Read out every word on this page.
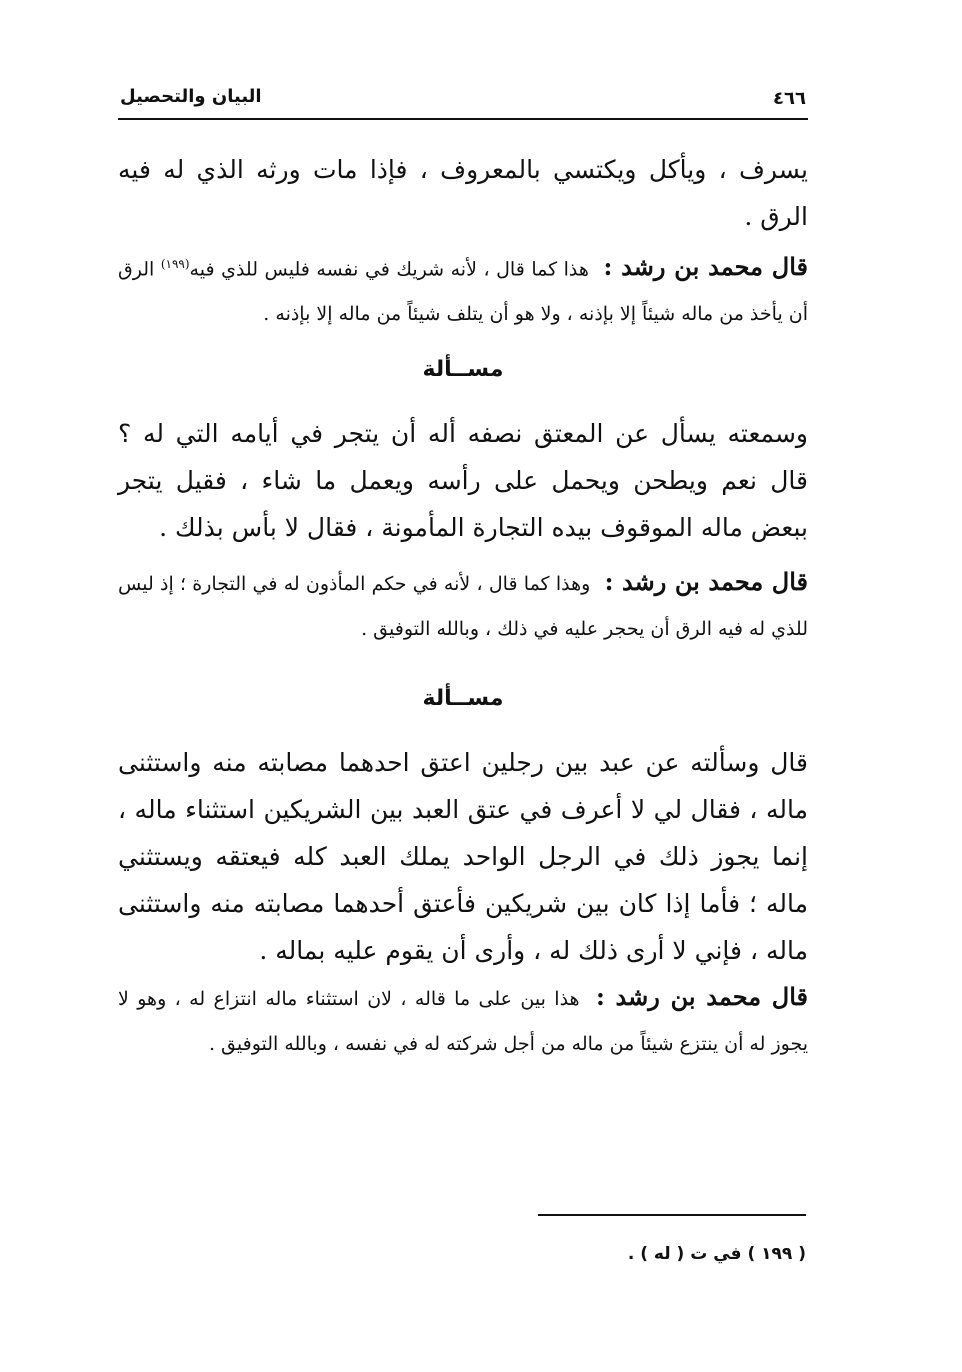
٤٦٦
البيان والتحصيل

يسرف ، ويأكل ويكتسي بالمعروف ، فإذا مات ورثه الذي له فيه الرق .

قال محمد بن رشد : هذا كما قال ، لأنه شريك في نفسه فليس للذي فيه$^{(١٩٩)}$ الرق أن يأخذ من ماله شيئاً إلا بإذنه ، ولا هو أن يتلف شيئاً من ماله إلا بإذنه .

مســألة

وسمعته يسأل عن المعتق نصفه أله أن يتجر في أيامه التي له ؟ قال نعم ويطحن ويحمل على رأسه ويعمل ما شاء ، فقيل يتجر ببعض ماله الموقوف بيده التجارة المأمونة ، فقال لا بأس بذلك .

قال محمد بن رشد : وهذا كما قال ، لأنه في حكم المأذون له في التجارة ؛ إذ ليس للذي له فيه الرق أن يحجر عليه في ذلك ، وبالله التوفيق .

مســألة

قال وسألته عن عبد بين رجلين اعتق احدهما مصابته منه واستثنى ماله ، فقال لي لا أعرف في عتق العبد بين الشريكين استثناء ماله ، إنما يجوز ذلك في الرجل الواحد يملك العبد كله فيعتقه ويستثني ماله ؛ فأما إذا كان بين شريكين فأعتق أحدهما مصابته منه واستثنى ماله ، فإني لا أرى ذلك له ، وأرى أن يقوم عليه بماله .

قال محمد بن رشد : هذا بين على ما قاله ، لان استثناء ماله انتزاع له ، وهو لا يجوز له أن ينتزع شيئاً من ماله من أجل شركته له في نفسه ، وبالله التوفيق .

( ١٩٩ ) في ت ( له ) .
